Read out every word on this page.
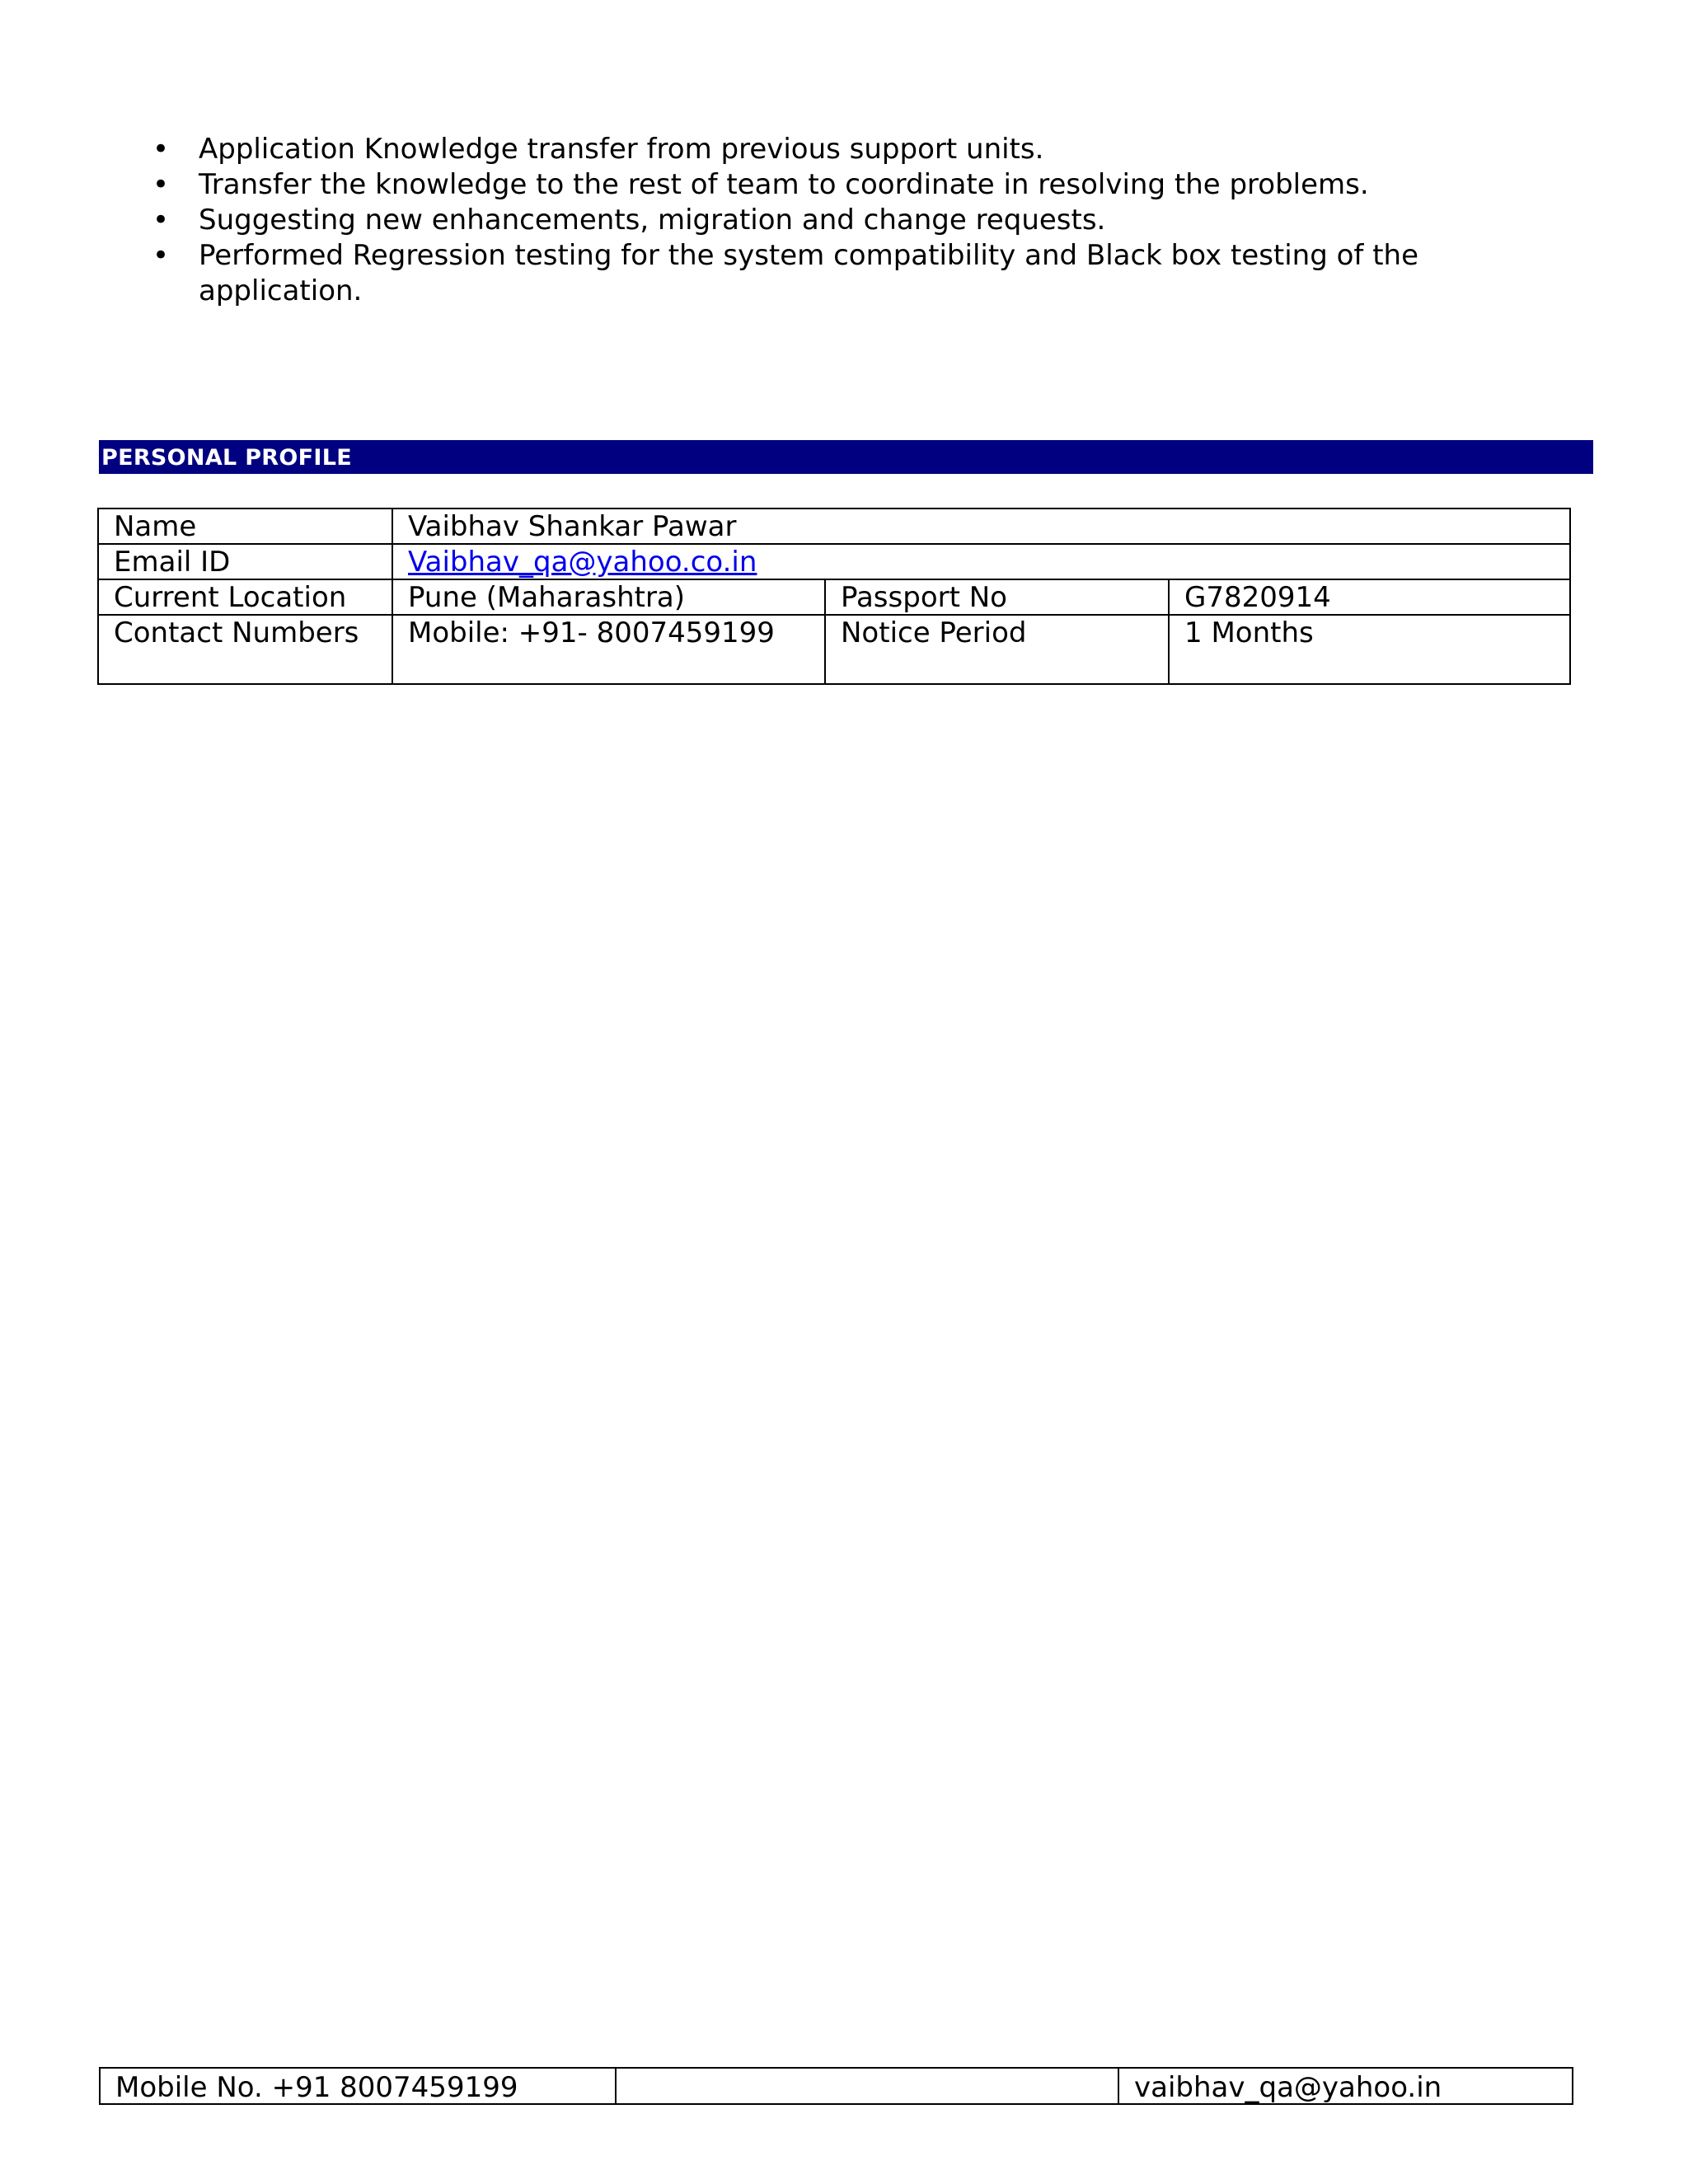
• Application Knowledge transfer from previous support units.
• Transfer the knowledge to the rest of team to coordinate in resolving the problems.
• Suggesting new enhancements, migration and change requests.
• Performed Regression testing for the system compatibility and Black box testing of the
application.
PERSONAL PROFILE
Name	Vaibhav Shankar Pawar		
Email ID	Vaibhav_qa@yahoo.co.in		
Current Location	Pune (Maharashtra)	Passport No	G7820914
Contact Numbers	Mobile: +91- 8007459199	Notice Period	1 Months
Mobile No. +91 8007459199		vaibhav_qa@yahoo.in
